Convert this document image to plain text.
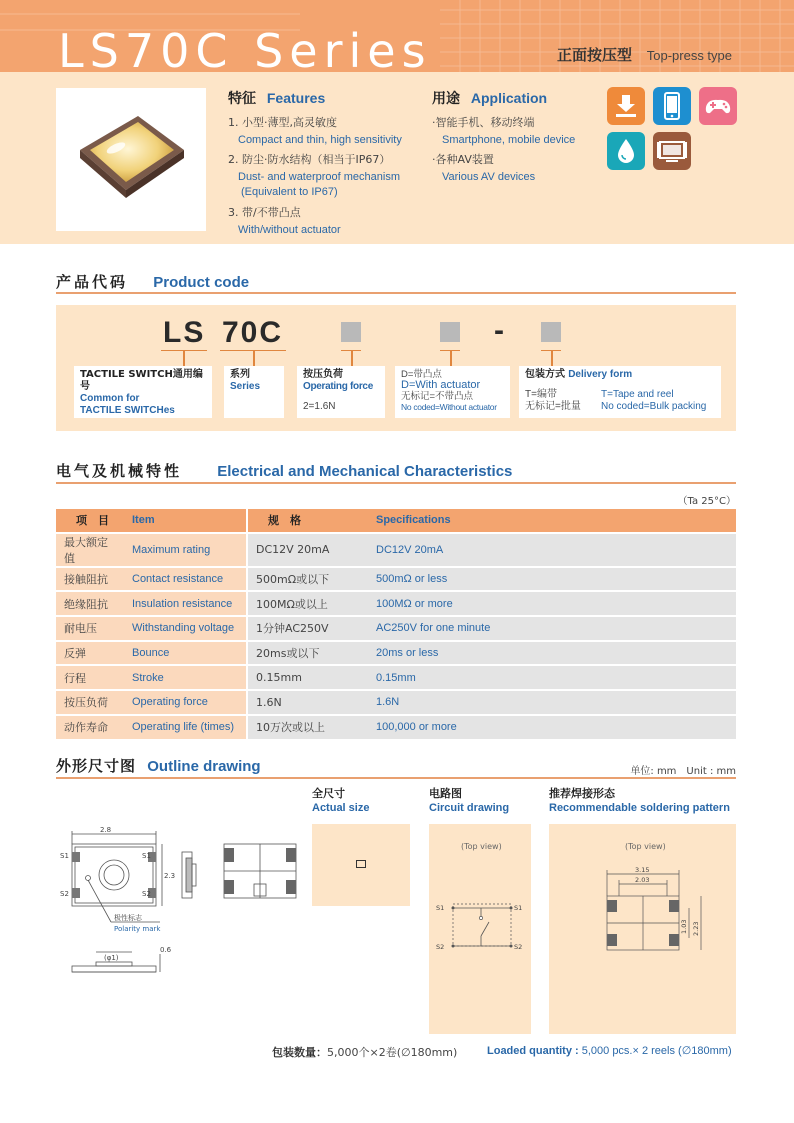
LS70C Series	正面按压型 Top-press type
特征 Features
1. 小型·薄型,高灵敏度
Compact and thin, high sensitivity
2. 防尘·防水结构（相当于IP67）
Dust- and waterproof mechanism
(Equivalent to IP67)
3. 带/不带凸点
With/without actuator
用途 Application
·智能手机、移动终端
Smartphone, mobile device
·各种AV装置
Various AV devices
产品代码 Product code
LS 70C	-
TACTILE SWITCH通用编号
Common for
TACTILE SWITCHes
系列
Series
按压负荷
Operating force
2=1.6N
D=带凸点
D=With actuator
无标记=不带凸点
No coded=Without actuator
包装方式 Delivery form
T=编带	T=Tape and reel
无标记=批量 No coded=Bulk packing
电气及机械特性 Electrical and Mechanical Characteristics
（Ta 25°C）
项　目	Item	规　格	Specifications
最大额定值	Maximum rating	DC12V 20mA	DC12V 20mA
接触阻抗	Contact resistance	500mΩ或以下	500mΩ or less
绝缘阻抗	Insulation resistance	100MΩ或以上	100MΩ or more
耐电压	Withstanding voltage	1分钟AC250V	AC250V for one minute
反弹	Bounce	20ms或以下	20ms or less
行程	Stroke	0.15mm	0.15mm
按压负荷	Operating force	1.6N	1.6N
动作寿命	Operating life (times)	10万次或以上	100,000 or more
外形尺寸图 Outline drawing	单位: mm　Unit : mm
全尺寸
Actual size
电路图
Circuit drawing
推荐焊接形态
Recommendable soldering pattern
2.8
S1	S1
S2	S2
2.3
极性标志
Polarity mark
(φ1)
0.6
(Top view)
S1	S1
S2	S2
(Top view)
3.15
2.03
1.03 2.23
包装数量：5,000个×2卷(∅180mm)	Loaded quantity : 5,000 pcs.× 2 reels (∅180mm)
